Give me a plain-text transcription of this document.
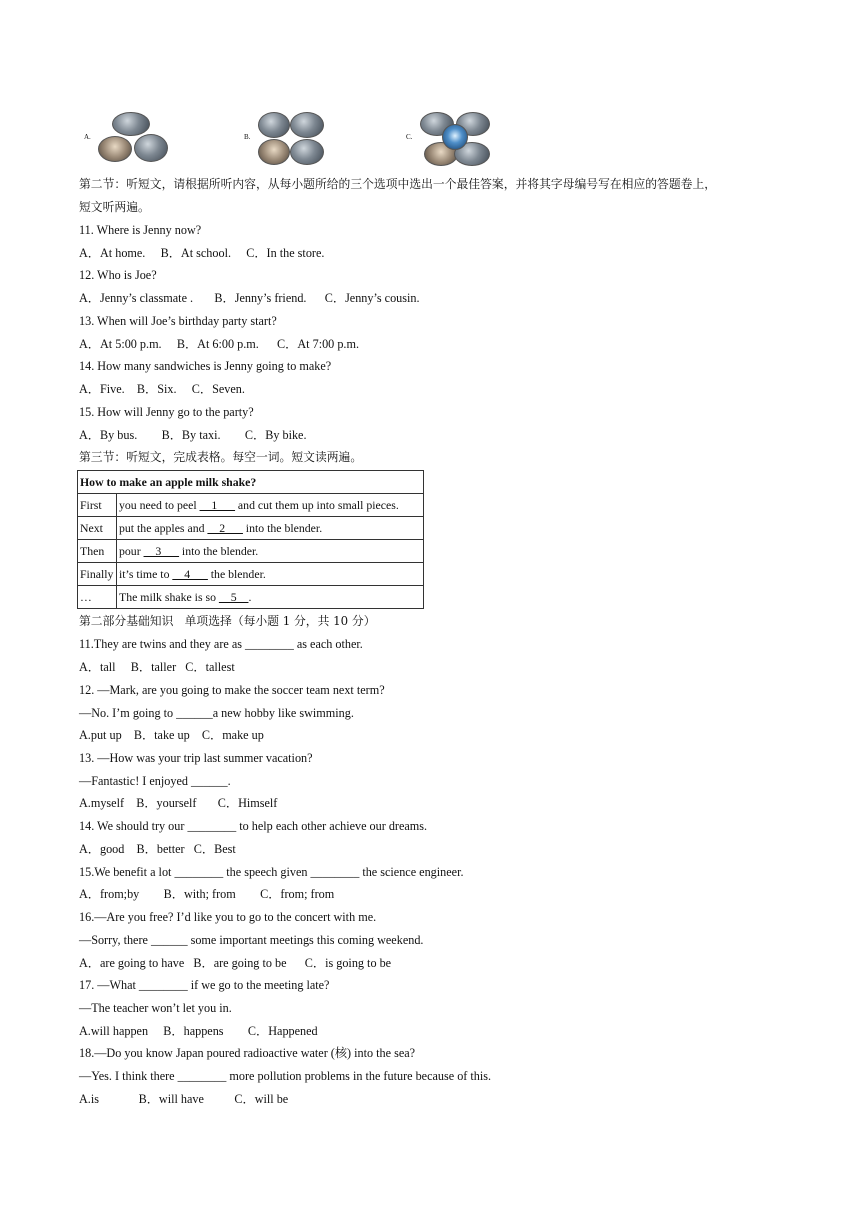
A.	B.	C.
第二节：听短文，请根据所听内容，从每小题所给的三个选项中选出一个最佳答案，并将其字母编号写在相应的答题卷上，
短文听两遍。
11. Where is Jenny now?
A．At home.     B．At school.     C．In the store.
12. Who is Joe?
A．Jenny’s classmate .       B．Jenny’s friend.      C．Jenny’s cousin.
13. When will Joe’s birthday party start?
A．At 5:00 p.m.     B．At 6:00 p.m.      C．At 7:00 p.m.
14. How many sandwiches is Jenny going to make?
A．Five.    B．Six.     C．Seven.
15. How will Jenny go to the party?
A．By bus.        B．By taxi.        C．By bike.
第三节：听短文，完成表格。每空一词。短文读两遍。
How to make an apple milk shake?	
First	you need to peel __1___ and cut them up into small pieces.
Next	put the apples and __2___ into the blender.
Then	pour __3___ into the blender.
Finally	it’s time to __4___ the blender.
…	The milk shake is so __5__.
第二部分基础知识   单项选择（每小题 1 分，共 10 分）
11.They are twins and they are as ________ as each other.
A．tall     B．taller   C．tallest
12. —Mark, are you going to make the soccer team next term?
—No. I’m going to ______a new hobby like swimming.
A.put up    B．take up    C．make up
13. —How was your trip last summer vacation?
—Fantastic! I enjoyed ______.
A.myself    B．yourself       C．Himself
14. We should try our ________ to help each other achieve our dreams.
A．good    B．better   C．Best
15.We benefit a lot ________ the speech given ________ the science engineer.
A．from;by        B．with; from        C．from; from
16.—Are you free? I’d like you to go to the concert with me.
—Sorry, there ______ some important meetings this coming weekend.
A．are going to have   B．are going to be      C．is going to be
17. —What ________ if we go to the meeting late?
—The teacher won’t let you in.
A.will happen     B．happens        C．Happened
18.—Do you know Japan poured radioactive water (核) into the sea?
—Yes. I think there ________ more pollution problems in the future because of this.
A.is             B．will have          C．will be
